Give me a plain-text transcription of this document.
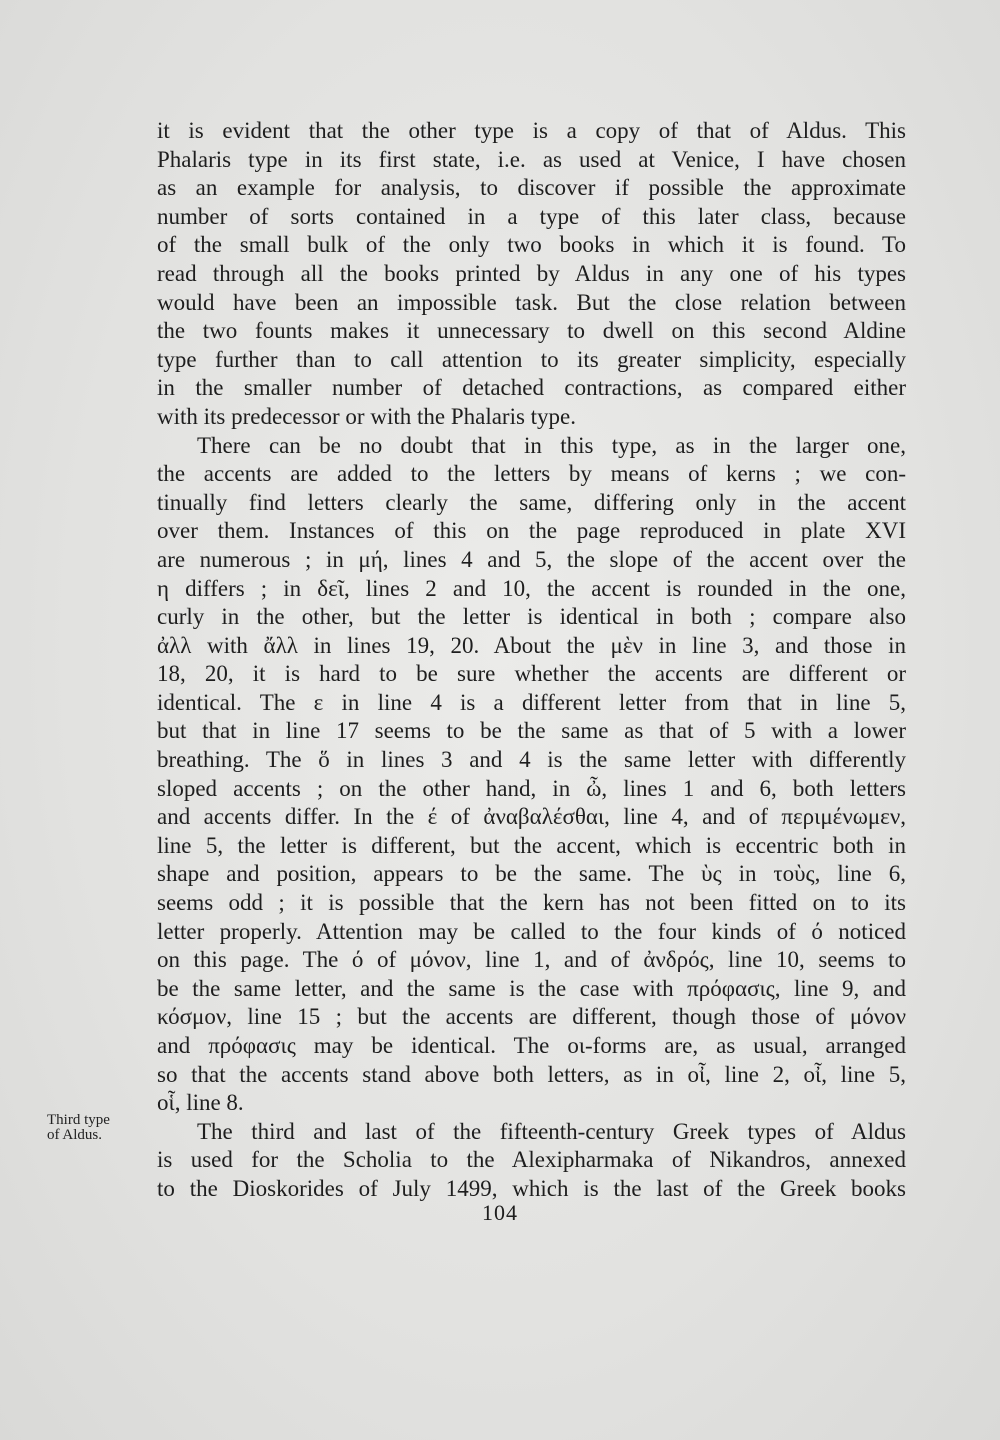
it is evident that the other type is a copy of that of Aldus. This
Phalaris type in its first state, i.e. as used at Venice, I have chosen
as an example for analysis, to discover if possible the approximate
number of sorts contained in a type of this later class, because
of the small bulk of the only two books in which it is found. To
read through all the books printed by Aldus in any one of his types
would have been an impossible task. But the close relation between
the two founts makes it unnecessary to dwell on this second Aldine
type further than to call attention to its greater simplicity, especially
in the smaller number of detached contractions, as compared either
with its predecessor or with the Phalaris type.
There can be no doubt that in this type, as in the larger one,
the accents are added to the letters by means of kerns ; we con-
tinually find letters clearly the same, differing only in the accent
over them. Instances of this on the page reproduced in plate XVI
are numerous ; in μή, lines 4 and 5, the slope of the accent over the
η differs ; in δεῖ, lines 2 and 10, the accent is rounded in the one,
curly in the other, but the letter is identical in both ; compare also
ἀλλ with ἄλλ in lines 19, 20. About the μὲν in line 3, and those in
18, 20, it is hard to be sure whether the accents are different or
identical. The ε in line 4 is a different letter from that in line 5,
but that in line 17 seems to be the same as that of 5 with a lower
breathing. The ὅ in lines 3 and 4 is the same letter with differently
sloped accents ; on the other hand, in ὦ, lines 1 and 6, both letters
and accents differ. In the έ of ἀναβαλέσθαι, line 4, and of περιμένωμεν,
line 5, the letter is different, but the accent, which is eccentric both in
shape and position, appears to be the same. The ὺς in τοὺς, line 6,
seems odd ; it is possible that the kern has not been fitted on to its
letter properly. Attention may be called to the four kinds of ό noticed
on this page. The ό of μόνον, line 1, and of ἀνδρός, line 10, seems to
be the same letter, and the same is the case with πρόφασις, line 9, and
κόσμον, line 15 ; but the accents are different, though those of μόνον
and πρόφασις may be identical. The οι-forms are, as usual, arranged
so that the accents stand above both letters, as in οἶ, line 2, οἶ, line 5,
οἷ, line 8.
The third and last of the fifteenth-century Greek types of Aldus
is used for the Scholia to the Alexipharmaka of Nikandros, annexed
to the Dioskorides of July 1499, which is the last of the Greek books
Third type
of Aldus.
104
